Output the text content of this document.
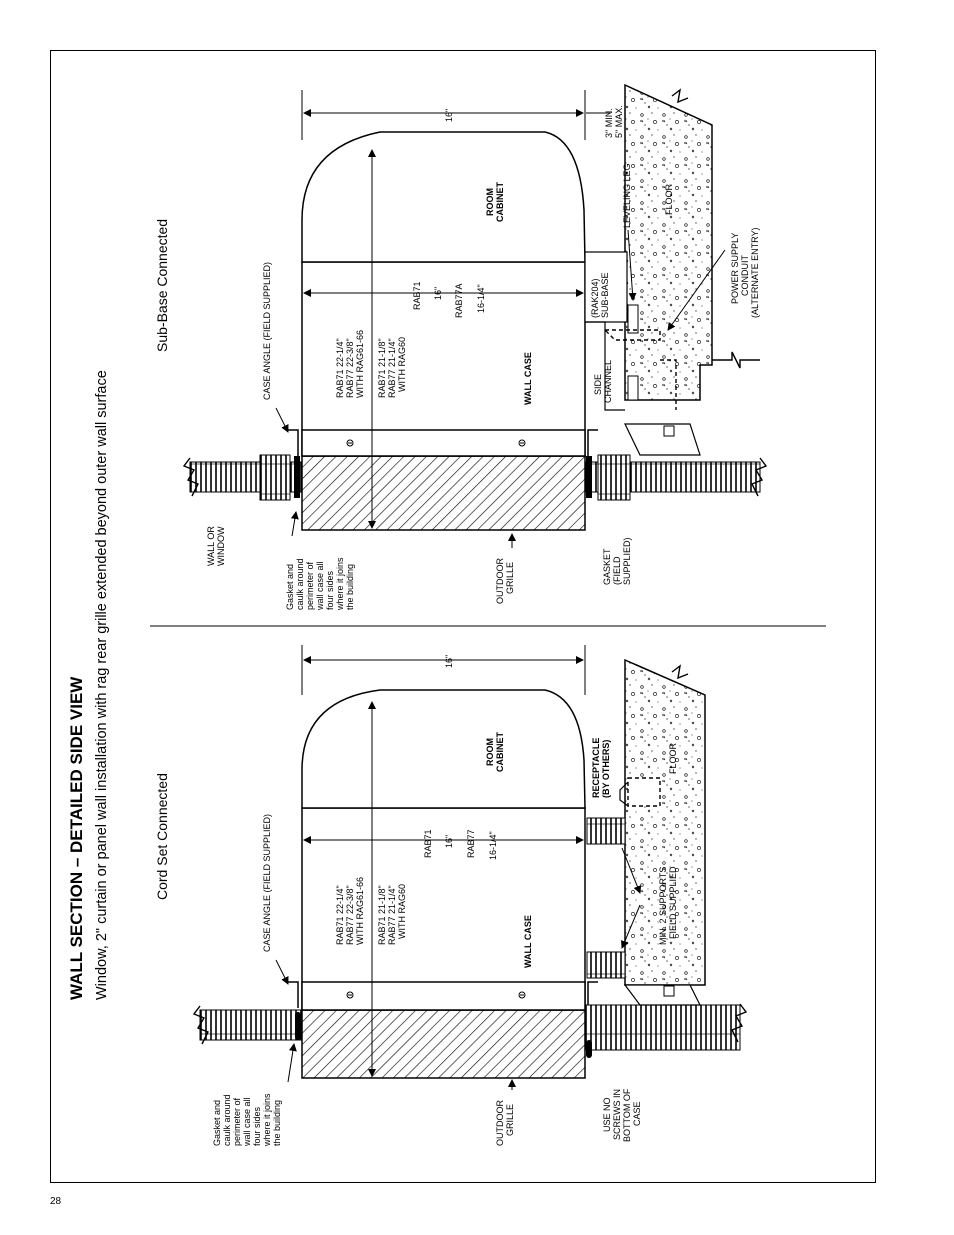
28
WALL SECTION – DETAILED SIDE VIEW Window, 2" curtain or panel wall installation with rag rear grille extended beyond outer wall surface
Sub-Base Connected
16"
CASE ANGLE (FIELD SUPPLIED)
WALL OR WINDOW
Gasket and caulk around perimeter of wall case all four sides where it joins the building	OUTDOOR GRILLE	GASKET (FIELD SUPPLIED)
WALL CASE
ROOM CABINET
RAB71 22-1/4" RAB77 22-3/8" WITH RAG61-66 RAB71 21-1/8" RAB77 21-1/4" WITH RAG60
RAB71 16" RAB77A 16-1/4"
SIDE CHANNEL
(RAK204) SUB-BASE
LEVELING LEG
3" MIN. 5" MAX.
FLOOR
POWER SUPPLY CONDUIT (ALTERNATE ENTRY)
Cord Set Connected
16"
CASE ANGLE (FIELD SUPPLIED)
Gasket and caulk around perimeter of wall case all four sides where it joins the building	OUTDOOR GRILLE	USE NO SCREWS IN BOTTOM OF CASE
WALL CASE
ROOM CABINET
RAB71 22-1/4" RAB77 22-3/8" WITH RAG61-66 RAB71 21-1/8" RAB77 21-1/4" WITH RAG60
RAB71 16" RAB77 16-1/4"
MIN. 2 SUPPORTS FIELD SUPPLIED
RECEPTACLE (BY OTHERS)	FLOOR
